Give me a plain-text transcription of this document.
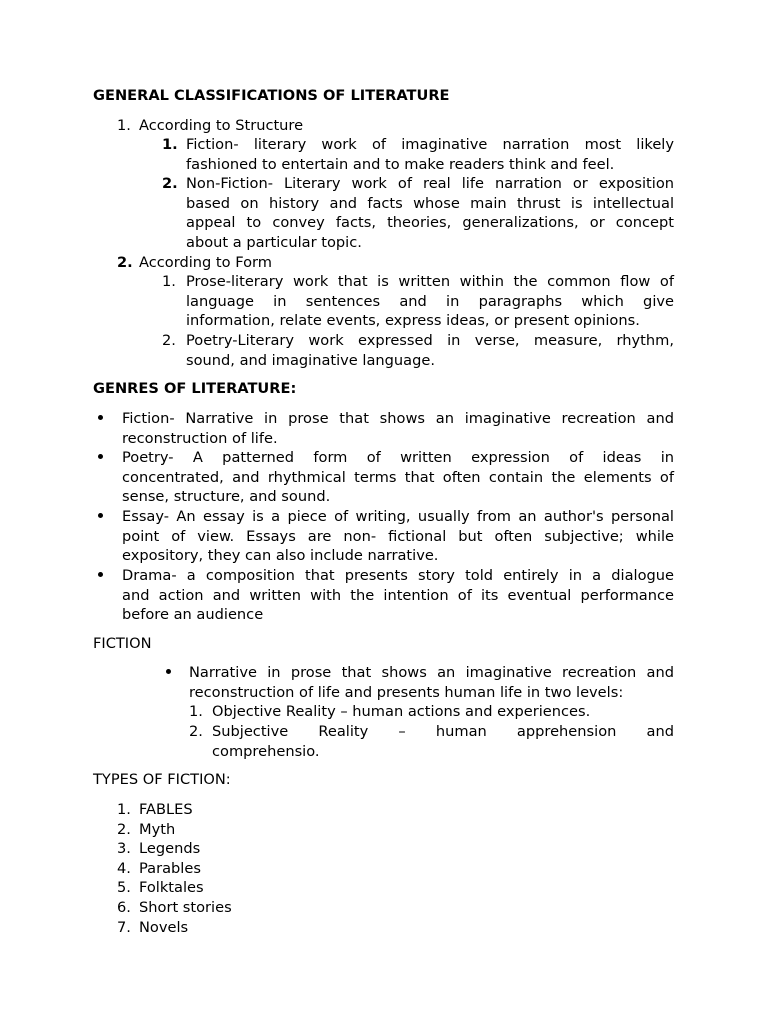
GENERAL CLASSIFICATIONS OF LITERATURE
1. According to Structure
1. Fiction- literary work of imaginative narration most likely
fashioned to entertain and to make readers think and feel.
2. Non-Fiction- Literary work of real life narration or exposition
based on history and facts whose main thrust is intellectual
appeal to convey facts, theories, generalizations, or concept
about a particular topic.
2. According to Form
1. Prose-literary work that is written within the common flow of
language in sentences and in paragraphs which give
information, relate events, express ideas, or present opinions.
2. Poetry-Literary work expressed in verse, measure, rhythm,
sound, and imaginative language.
GENRES OF LITERATURE:
Fiction- Narrative in prose that shows an imaginative recreation and
reconstruction of life.
Poetry- A patterned form of written expression of ideas in
concentrated, and rhythmical terms that often contain the elements of
sense, structure, and sound.
Essay- An essay is a piece of writing, usually from an author's personal
point of view. Essays are non- fictional but often subjective; while
expository, they can also include narrative.
Drama- a composition that presents story told entirely in a dialogue
and action and written with the intention of its eventual performance
before an audience
FICTION
Narrative in prose that shows an imaginative recreation and
reconstruction of life and presents human life in two levels:
1. Objective Reality – human actions and experiences.
2. Subjective Reality – human apprehension and
comprehensio.
TYPES OF FICTION:
1. FABLES
2. Myth
3. Legends
4. Parables
5. Folktales
6. Short stories
7. Novels
